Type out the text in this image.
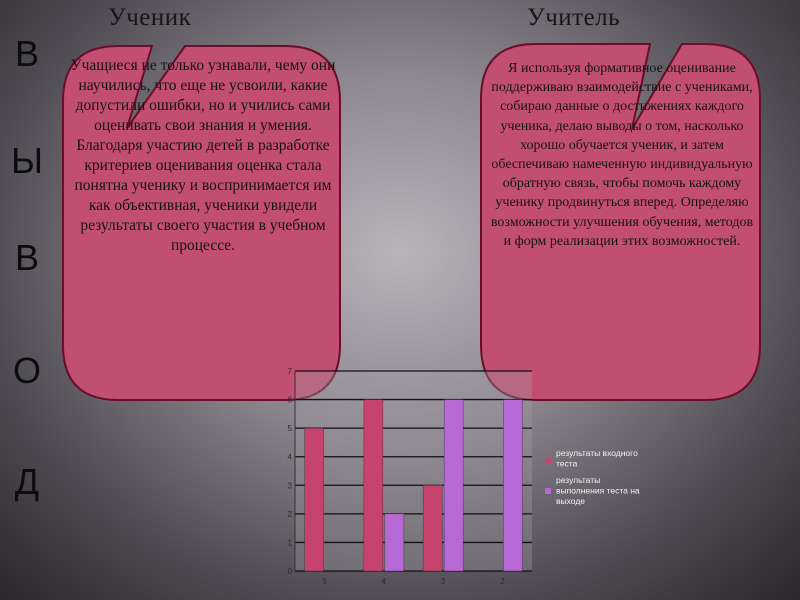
Ученик	Учитель
В
Ы
В
О
Д
Учащиеся не только узнавали, чему они научились, что еще не усвоили, какие допустили ошибки, но и учились сами оценивать свои знания и умения. Благодаря участию детей в разработке критериев оценивания оценка стала понятна ученику и воспринимается им как объективная, ученики увидели результаты своего участия в учебном процессе.
Я используя формативное оценивание поддерживаю взаимодействие с учениками, собираю данные о достижениях каждого ученика, делаю выводы о том, насколько хорошо обучается ученик, и затем обеспечиваю намеченную индивидуальную обратную связь, чтобы помочь каждому ученику продвинуться вперед. Определяю возможности улучшения обучения, методов и форм реализации этих возможностей.
0
1
2
3
4
5
6
7
5	4	3	2
результаты входного
теста
результаты
выполнения теста на
выходе
